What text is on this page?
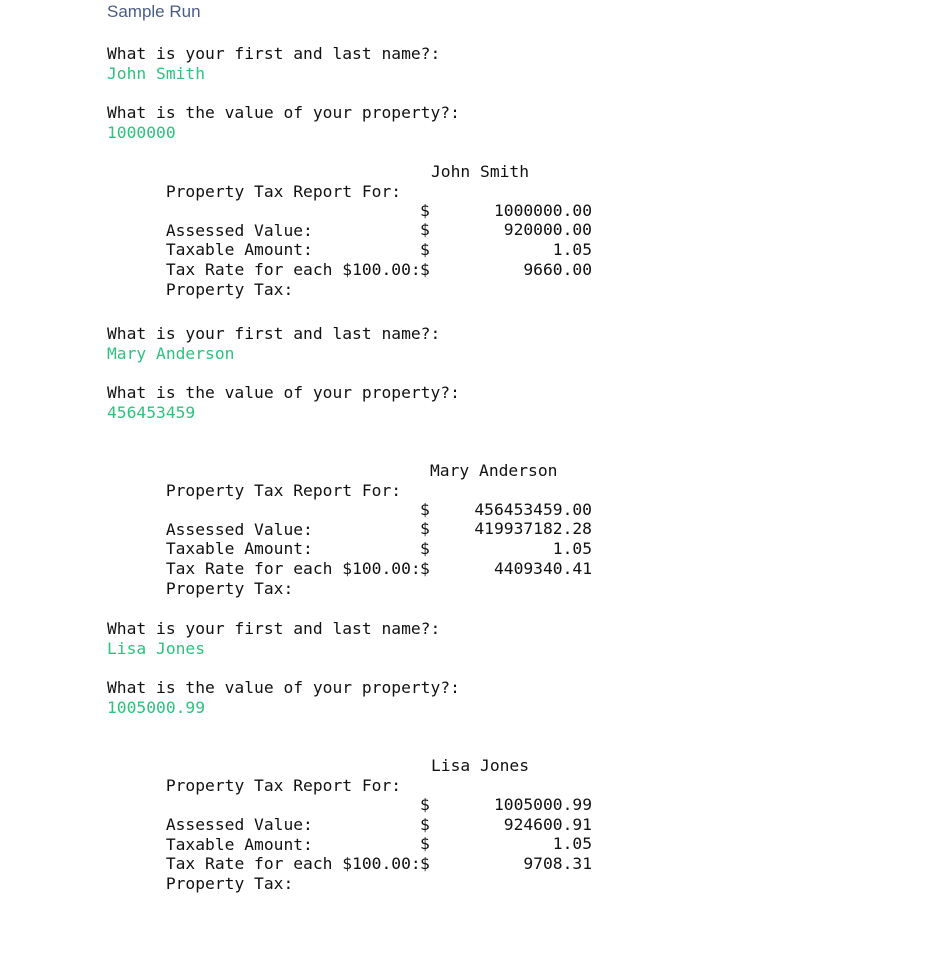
Sample Run
What is your first and last name?:
John Smith
What is the value of your property?:
1000000

Property Tax Report For:

John Smith

Assessed Value:

$

	1000000.00

Taxable Amount:

$

	920000.00

Tax Rate for each $100.00:

$

	1.05

Property Tax:

$

	9660.00

What is your first and last name?:
Mary Anderson
What is the value of your property?:
456453459

Property Tax Report For:

Mary Anderson

Assessed Value:

$

	456453459.00

Taxable Amount:

$

	419937182.28

Tax Rate for each $100.00:

$

	1.05

Property Tax:

$

	4409340.41

What is your first and last name?:
Lisa Jones
What is the value of your property?:
1005000.99

Property Tax Report For:

Lisa Jones

Assessed Value:

$

	1005000.99

Taxable Amount:

$

	924600.91

Tax Rate for each $100.00:

$

	1.05

Property Tax:

$

	9708.31
